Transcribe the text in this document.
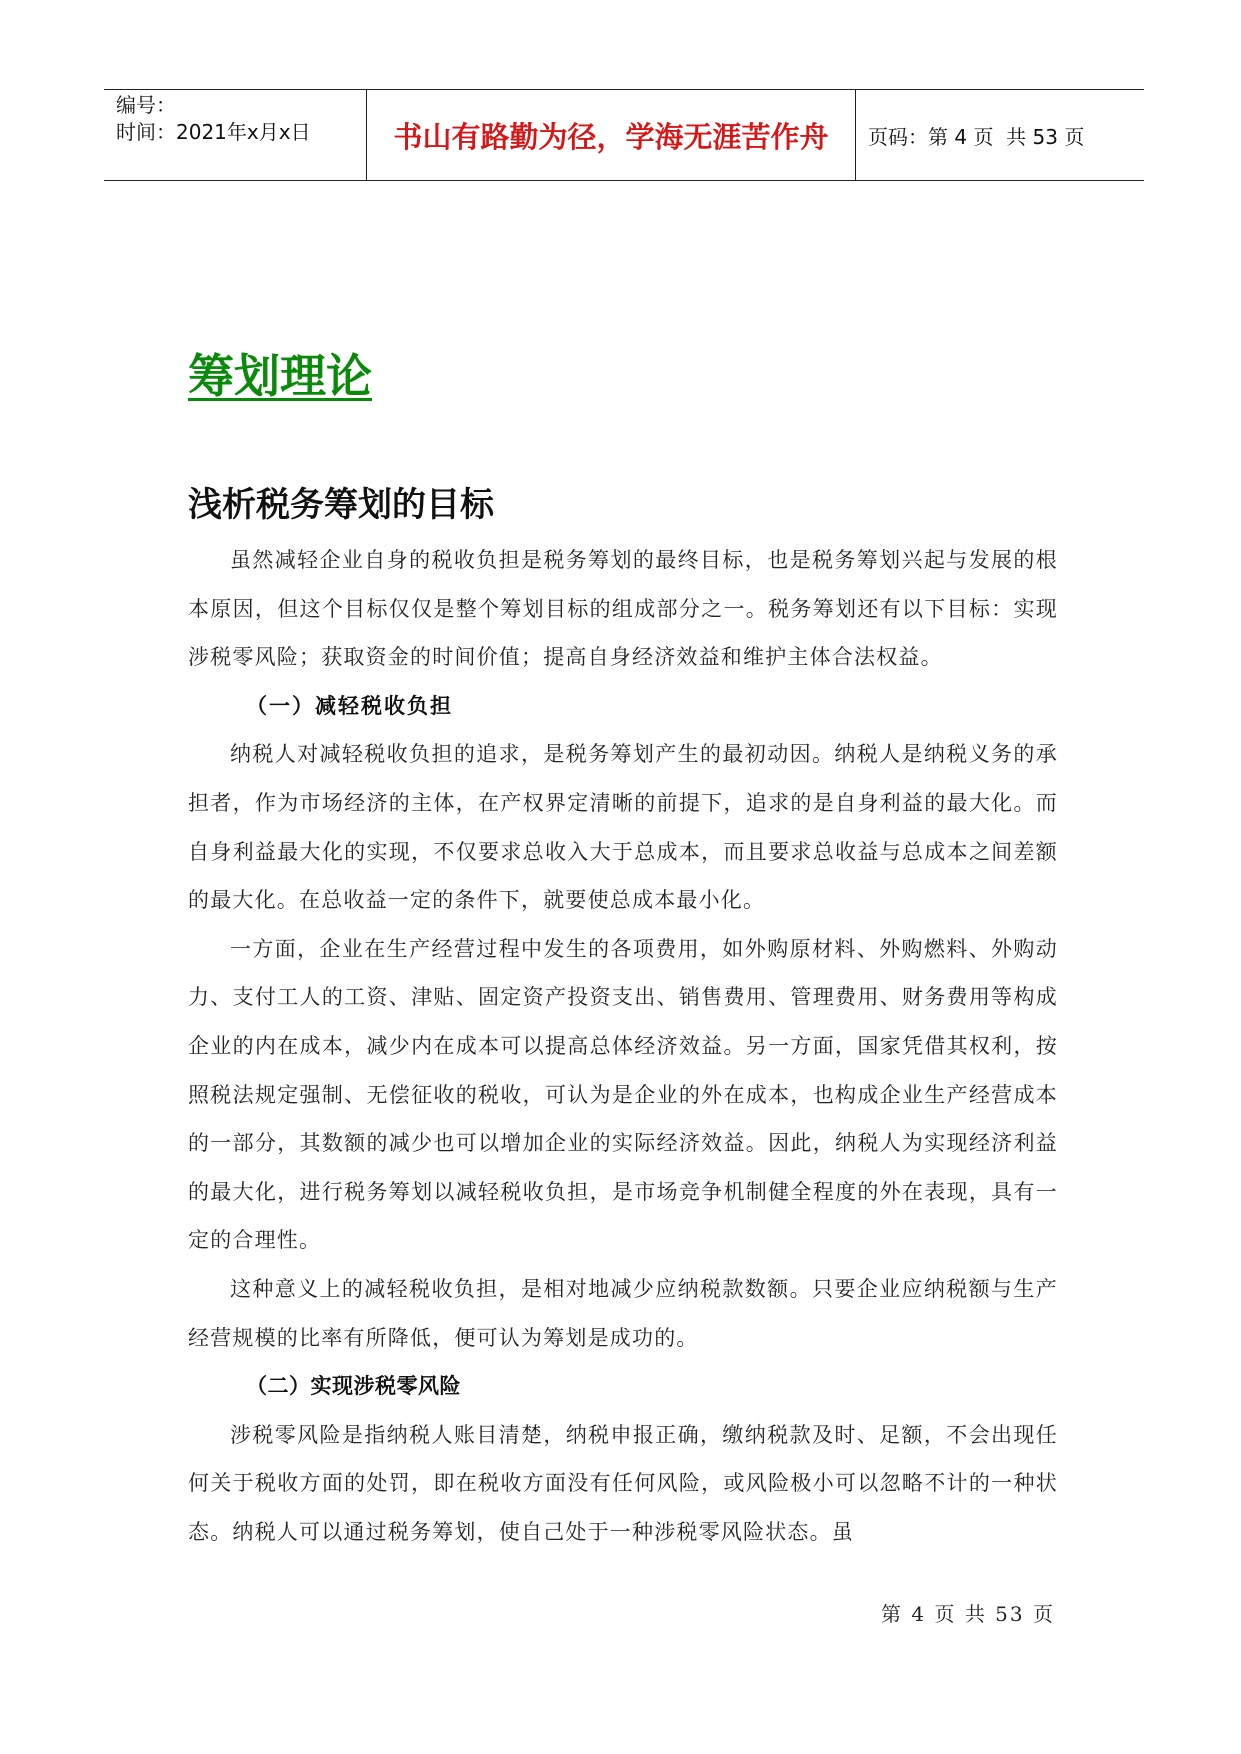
编号：
时间：2021年x月x日	书山有路勤为径，学海无涯苦作舟	页码：第 4 页  共 53 页
筹划理论
浅析税务筹划的目标

虽然减轻企业自身的税收负担是税务筹划的最终目标，也是税务筹划兴起与发展的根本原因，但这个目标仅仅是整个筹划目标的组成部分之一。税务筹划还有以下目标：实现涉税零风险；获取资金的时间价值；提高自身经济效益和维护主体合法权益。

（一）减轻税收负担

纳税人对减轻税收负担的追求，是税务筹划产生的最初动因。纳税人是纳税义务的承担者，作为市场经济的主体，在产权界定清晰的前提下，追求的是自身利益的最大化。而自身利益最大化的实现，不仅要求总收入大于总成本，而且要求总收益与总成本之间差额的最大化。在总收益一定的条件下，就要使总成本最小化。

一方面，企业在生产经营过程中发生的各项费用，如外购原材料、外购燃料、外购动力、支付工人的工资、津贴、固定资产投资支出、销售费用、管理费用、财务费用等构成企业的内在成本，减少内在成本可以提高总体经济效益。另一方面，国家凭借其权利，按照税法规定强制、无偿征收的税收，可认为是企业的外在成本，也构成企业生产经营成本的一部分，其数额的减少也可以增加企业的实际经济效益。因此，纳税人为实现经济利益的最大化，进行税务筹划以减轻税收负担，是市场竞争机制健全程度的外在表现，具有一定的合理性。

这种意义上的减轻税收负担，是相对地减少应纳税款数额。只要企业应纳税额与生产经营规模的比率有所降低，便可认为筹划是成功的。

（二）实现涉税零风险

涉税零风险是指纳税人账目清楚，纳税申报正确，缴纳税款及时、足额，不会出现任何关于税收方面的处罚，即在税收方面没有任何风险，或风险极小可以忽略不计的一种状态。纳税人可以通过税务筹划，使自己处于一种涉税零风险状态。虽

第 4 页 共 53 页
